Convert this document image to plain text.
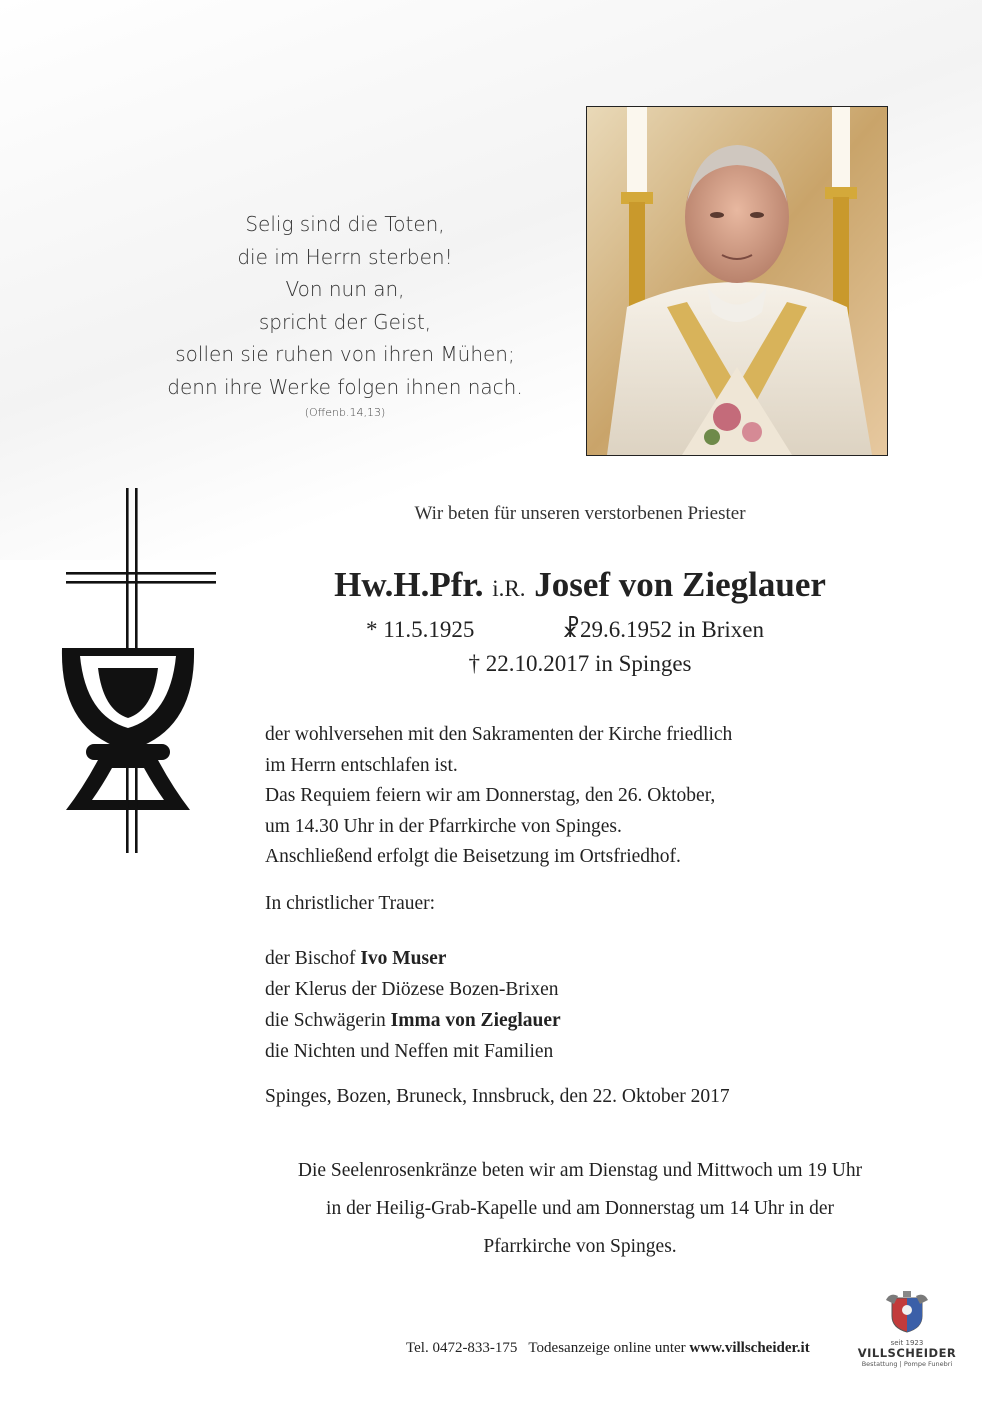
Selig sind die Toten,
die im Herrn sterben!
Von nun an,
spricht der Geist,
sollen sie ruhen von ihren Mühen;
denn ihre Werke folgen ihnen nach.
(Offenb.14,13)
Wir beten für unseren verstorbenen Priester
Hw.H.Pfr. i.R. Josef von Zieglauer
* 11.5.1925	☧29.6.1952 in Brixen
† 22.10.2017 in Spinges
der wohlversehen mit den Sakramenten der Kirche friedlich
im Herrn entschlafen ist.
Das Requiem feiern wir am Donnerstag, den 26. Oktober,
um 14.30 Uhr in der Pfarrkirche von Spinges.
Anschließend erfolgt die Beisetzung im Ortsfriedhof.
In christlicher Trauer:
der Bischof Ivo Muser
der Klerus der Diözese Bozen-Brixen
die Schwägerin Imma von Zieglauer
die Nichten und Neffen mit Familien
Spinges, Bozen, Bruneck, Innsbruck, den 22. Oktober 2017
Die Seelenrosenkränze beten wir am Dienstag und Mittwoch um 19 Uhr
in der Heilig-Grab-Kapelle und am Donnerstag um 14 Uhr in der
Pfarrkirche von Spinges.
Tel. 0472-833-175 Todesanzeige online unter www.villscheider.it	seit 1923
VILLSCHEIDER
Bestattung | Pompe Funebri
